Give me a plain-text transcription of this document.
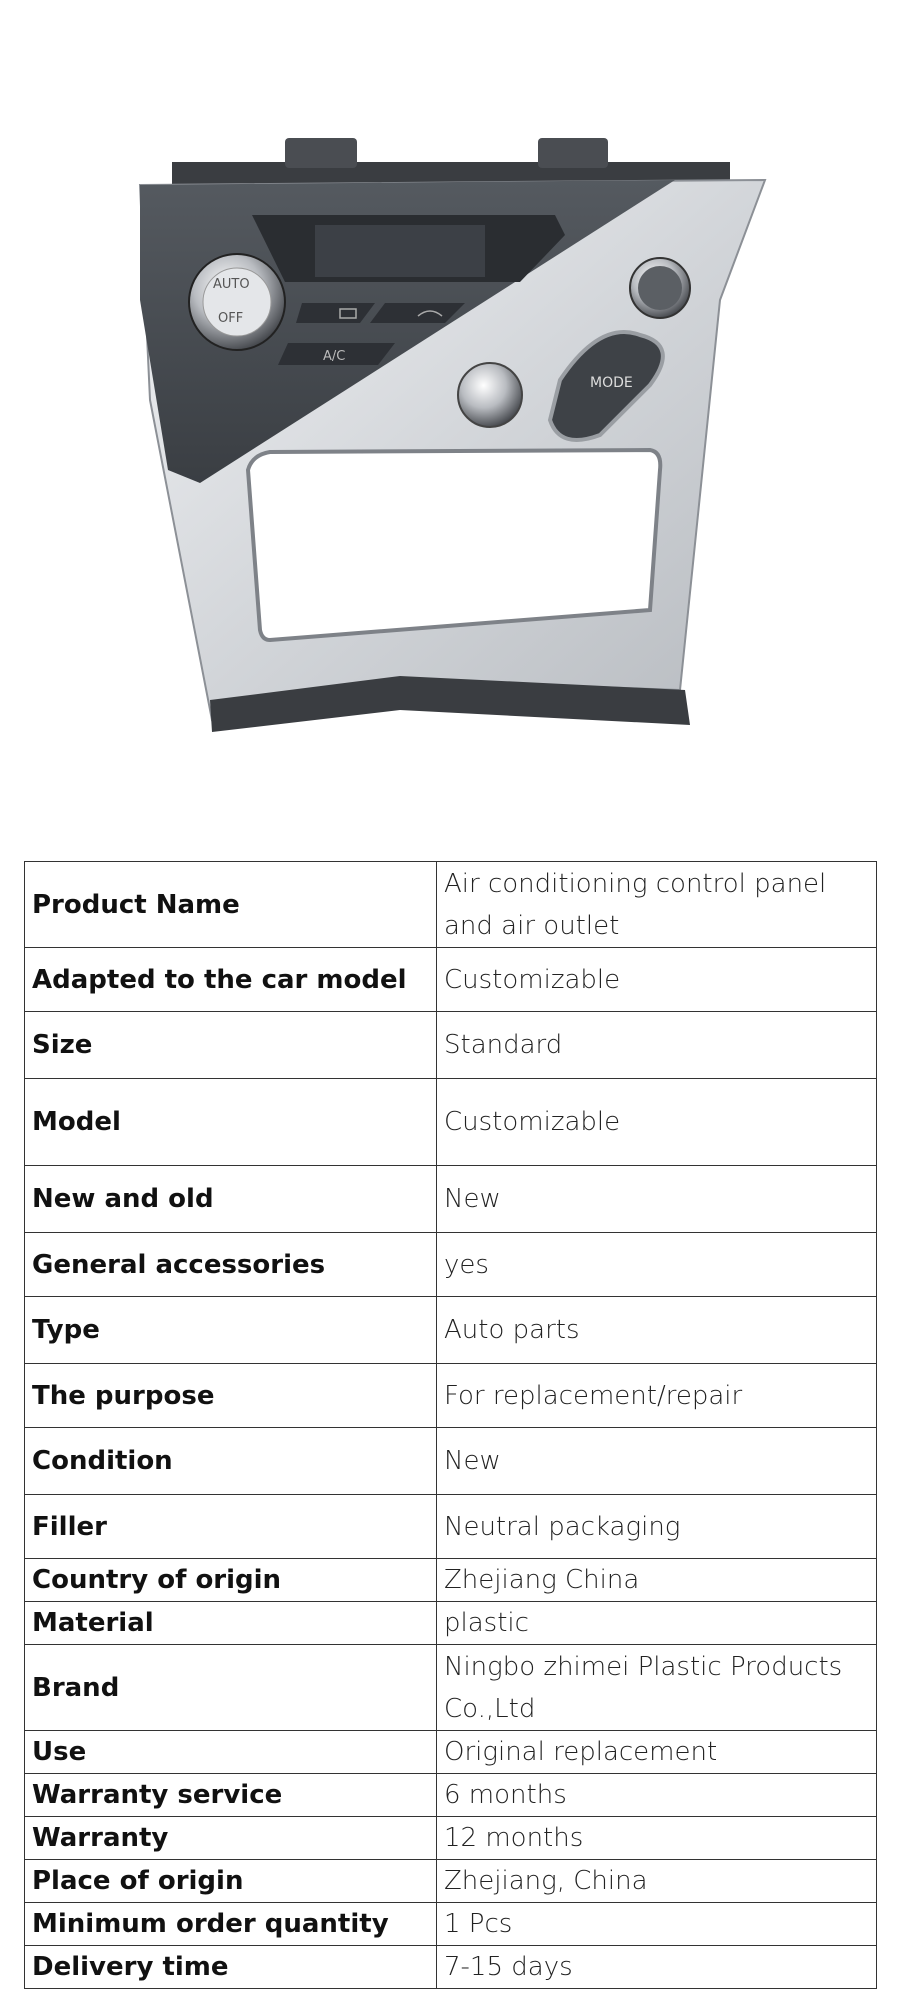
AUTO
OFF
A/C
MODE
Product Name	Air conditioning control panel and air outlet
Adapted to the car model	Customizable
Size	Standard
Model	Customizable
New and old	New
General accessories	yes
Type	Auto parts
The purpose	For replacement/repair
Condition	New
Filler	Neutral packaging
Country of origin	Zhejiang China
Material	plastic
Brand	Ningbo zhimei Plastic Products Co.,Ltd
Use	Original replacement
Warranty service	6 months
Warranty	12 months
Place of origin	Zhejiang, China
Minimum order quantity	1 Pcs
Delivery time	7-15 days
